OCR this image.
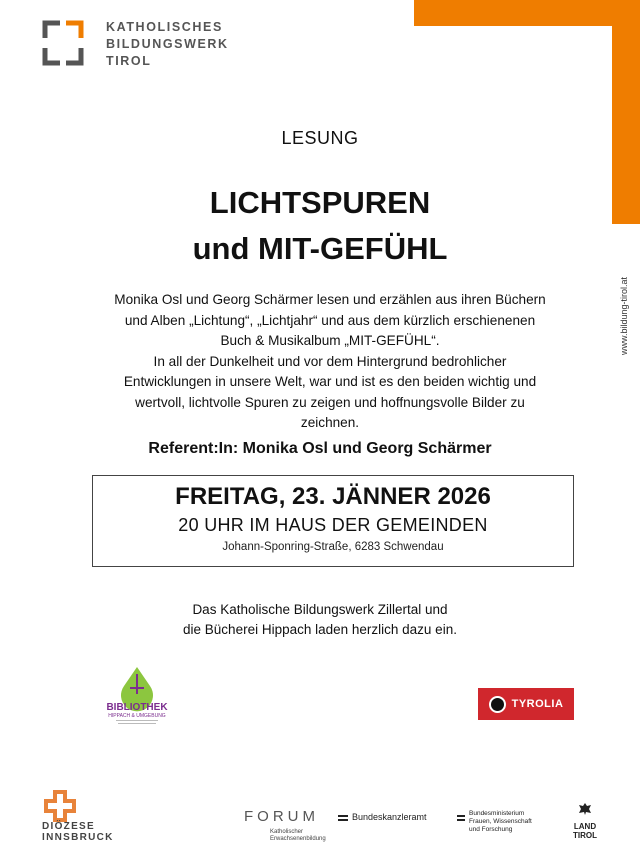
KATHOLISCHES
BILDUNGSWERK
TIROL
www.bildung-tirol.at
LESUNG
LICHTSPUREN
und MIT-GEFÜHL
Monika Osl und Georg Schärmer lesen und erzählen aus ihren Büchern
und Alben „Lichtung“, „Lichtjahr“ und aus dem kürzlich erschienenen
Buch & Musikalbum „MIT-GEFÜHL“.
In all der Dunkelheit und vor dem Hintergrund bedrohlicher
Entwicklungen in unsere Welt, war und ist es den beiden wichtig und
wertvoll, lichtvolle Spuren zu zeigen und hoffnungsvolle Bilder zu
zeichnen.
Referent:In: Monika Osl und Georg Schärmer
FREITAG, 23. JÄNNER 2026
20 UHR IM HAUS DER GEMEINDEN
Johann-Sponring-Straße, 6283 Schwendau
Das Katholische Bildungswerk Zillertal und
die Bücherei Hippach laden herzlich dazu ein.
BIBLIOTHEK
HIPPACH & UMGEBUNG
TYROLIA
DIÖZESE
INNSBRUCK
FORUM
Katholischer
Erwachsenenbildung
Bundeskanzleramt	Bundesministerium
Frauen, Wissenschaft
und Forschung	LAND
TIROL
